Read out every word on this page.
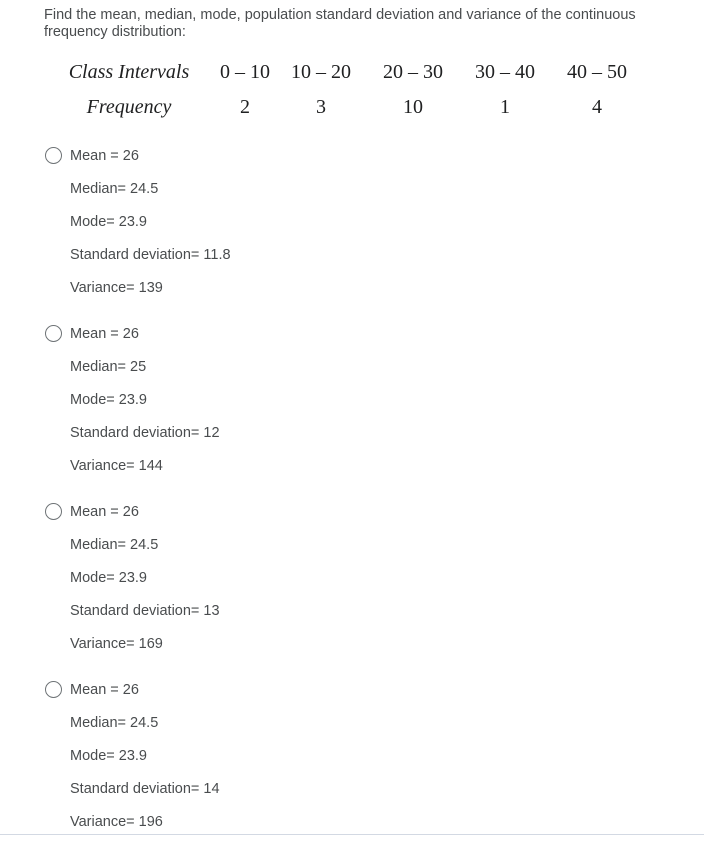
Find the mean, median, mode, population standard deviation and variance of the continuous frequency distribution:
Class Intervals	0 – 10	10 – 20	20 – 30	30 – 40	40 – 50
Frequency	2	3	10	1	4
Mean = 26
Median= 24.5
Mode= 23.9
Standard deviation= 11.8
Variance= 139
Mean = 26
Median= 25
Mode= 23.9
Standard deviation= 12
Variance= 144
Mean = 26
Median= 24.5
Mode= 23.9
Standard deviation= 13
Variance= 169
Mean = 26
Median= 24.5
Mode= 23.9
Standard deviation= 14
Variance= 196
